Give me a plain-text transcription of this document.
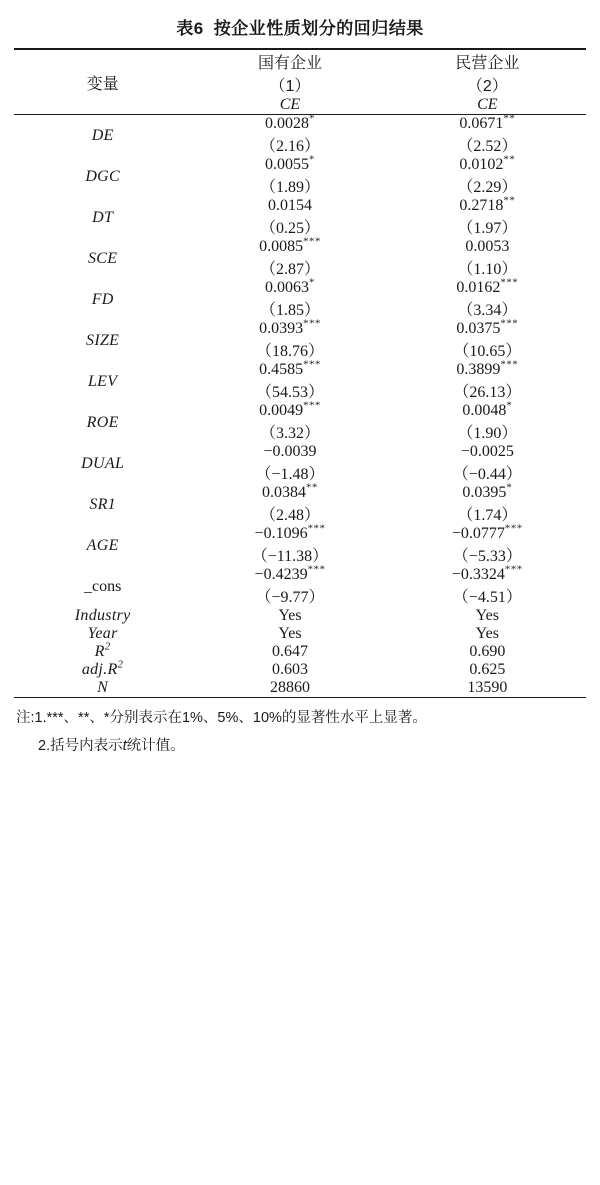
表6 按企业性质划分的回归结果

变量	国有企业	民营企业
	（1）	（2）
	CE	CE

DE	0.0028*	0.0671**
	（2.16）	（2.52）
DGC	0.0055*	0.0102**
	（1.89）	（2.29）
DT	0.0154	0.2718**
	（0.25）	（1.97）
SCE	0.0085***	0.0053
	（2.87）	（1.10）
FD	0.0063*	0.0162***
	（1.85）	（3.34）
SIZE	0.0393***	0.0375***
	（18.76）	（10.65）
LEV	0.4585***	0.3899***
	（54.53）	（26.13）
ROE	0.0049***	0.0048*
	（3.32）	（1.90）
DUAL	−0.0039	−0.0025
	（−1.48）	（−0.44）
SR1	0.0384**	0.0395*
	（2.48）	（1.74）
AGE	−0.1096***	−0.0777***
	（−11.38）	（−5.33）
_cons	−0.4239***	−0.3324***
	（−9.77）	（−4.51）
Industry	Yes	Yes
Year	Yes	Yes
$R^2$	0.647	0.690
$adj.R^2$	0.603	0.625
N	28860	13590

注:1.***、**、*分别表示在1%、5%、10%的显著性水平上显著。
2.括号内表示t统计值。
